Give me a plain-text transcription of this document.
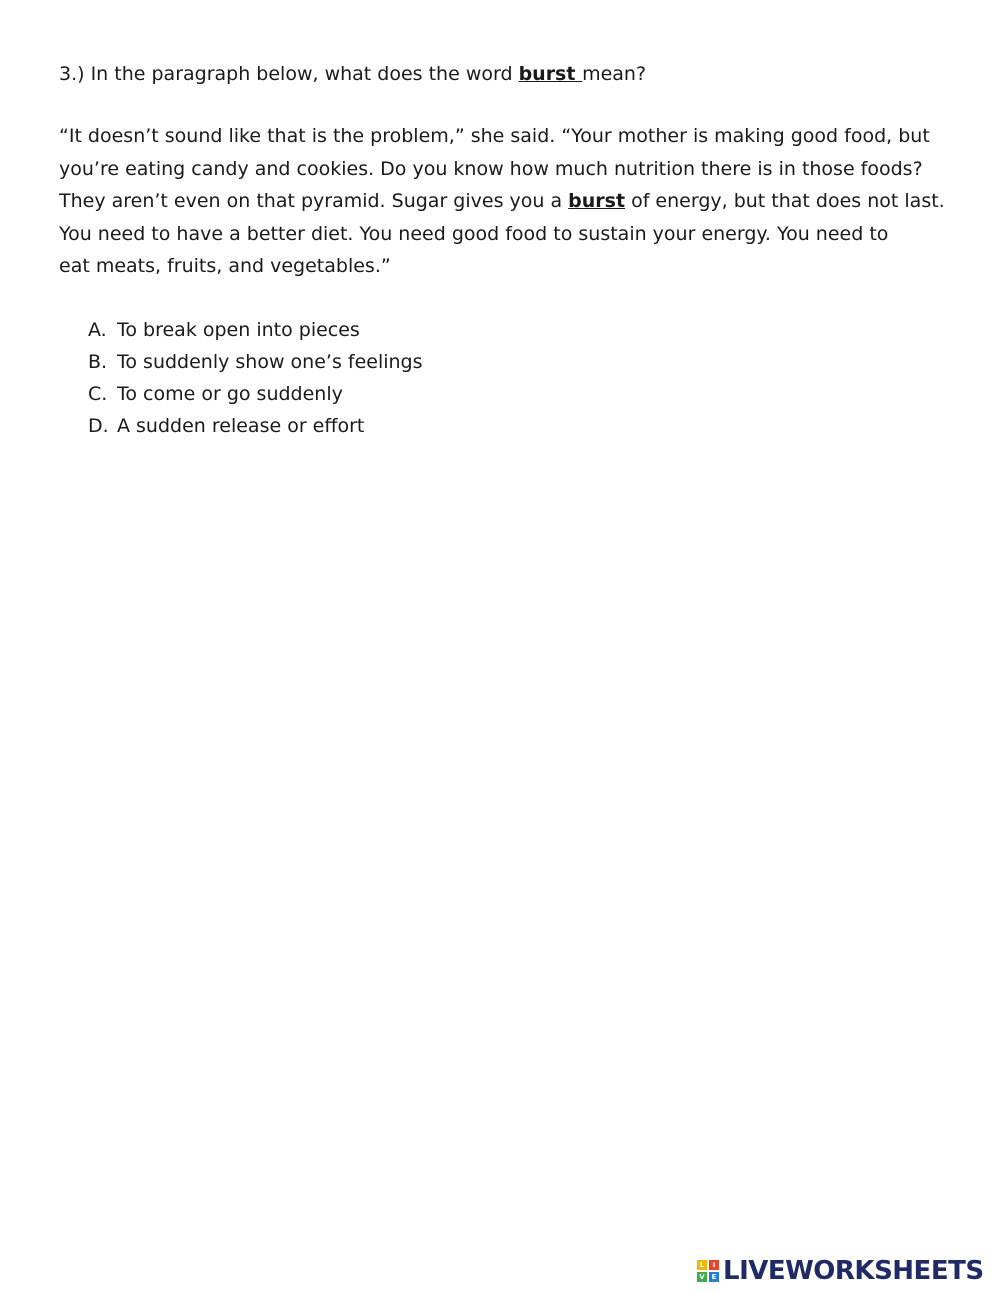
3.) In the paragraph below, what does the word burst mean?
“It doesn’t sound like that is the problem,” she said. “Your mother is making good food, but
you’re eating candy and cookies. Do you know how much nutrition there is in those foods?
They aren’t even on that pyramid. Sugar gives you a burst of energy, but that does not last.
You need to have a better diet. You need good food to sustain your energy. You need to
eat meats, fruits, and vegetables.”
A. To break open into pieces
B. To suddenly show one’s feelings
C. To come or go suddenly
D. A sudden release or effort
L	I
V E LIVEWORKSHEETS
